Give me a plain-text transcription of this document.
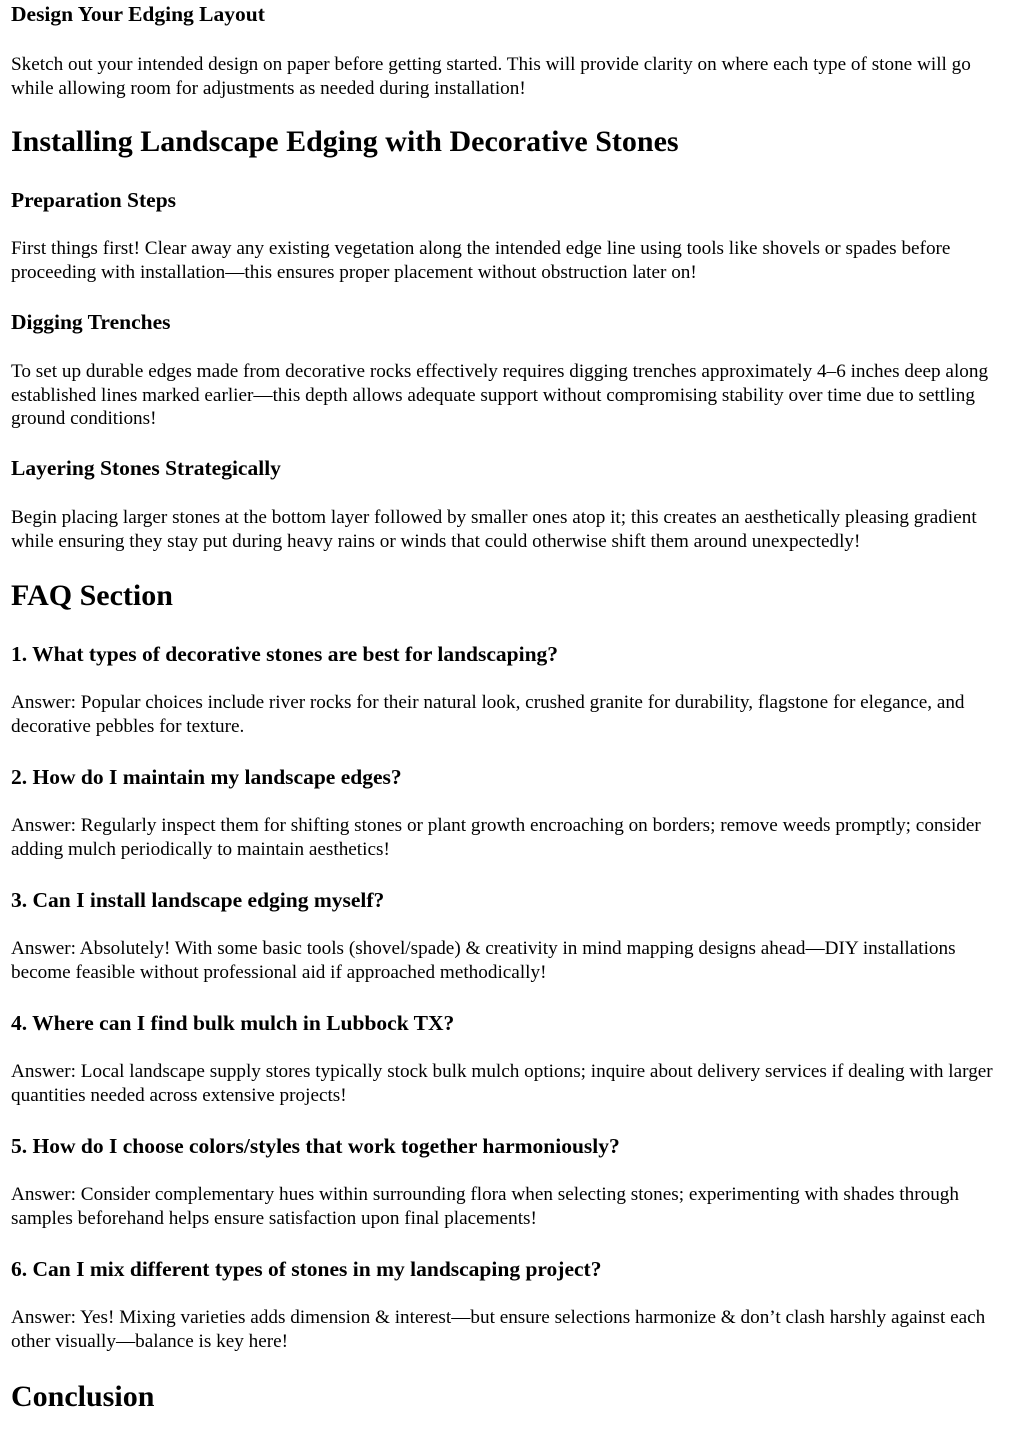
Design Your Edging Layout

Sketch out your intended design on paper before getting started. This will provide clarity on where each type of stone will go while allowing room for adjustments as needed during installation!

Installing Landscape Edging with Decorative Stones
Preparation Steps

First things first! Clear away any existing vegetation along the intended edge line using tools like shovels or spades before proceeding with installation—this ensures proper placement without obstruction later on!

Digging Trenches

To set up durable edges made from decorative rocks effectively requires digging trenches approximately 4–6 inches deep along established lines marked earlier—this depth allows adequate support without compromising stability over time due to settling ground conditions!

Layering Stones Strategically

Begin placing larger stones at the bottom layer followed by smaller ones atop it; this creates an aesthetically pleasing gradient while ensuring they stay put during heavy rains or winds that could otherwise shift them around unexpectedly!

FAQ Section
1. What types of decorative stones are best for landscaping?

Answer: Popular choices include river rocks for their natural look, crushed granite for durability, flagstone for elegance, and decorative pebbles for texture.

2. How do I maintain my landscape edges?

Answer: Regularly inspect them for shifting stones or plant growth encroaching on borders; remove weeds promptly; consider adding mulch periodically to maintain aesthetics!

3. Can I install landscape edging myself?

Answer: Absolutely! With some basic tools (shovel/spade) & creativity in mind mapping designs ahead—DIY installations become feasible without professional aid if approached methodically!

4. Where can I find bulk mulch in Lubbock TX?

Answer: Local landscape supply stores typically stock bulk mulch options; inquire about delivery services if dealing with larger quantities needed across extensive projects!

5. How do I choose colors/styles that work together harmoniously?

Answer: Consider complementary hues within surrounding flora when selecting stones; experimenting with shades through samples beforehand helps ensure satisfaction upon final placements!

6. Can I mix different types of stones in my landscaping project?

Answer: Yes! Mixing varieties adds dimension & interest—but ensure selections harmonize & don’t clash harshly against each other visually—balance is key here!

Conclusion
